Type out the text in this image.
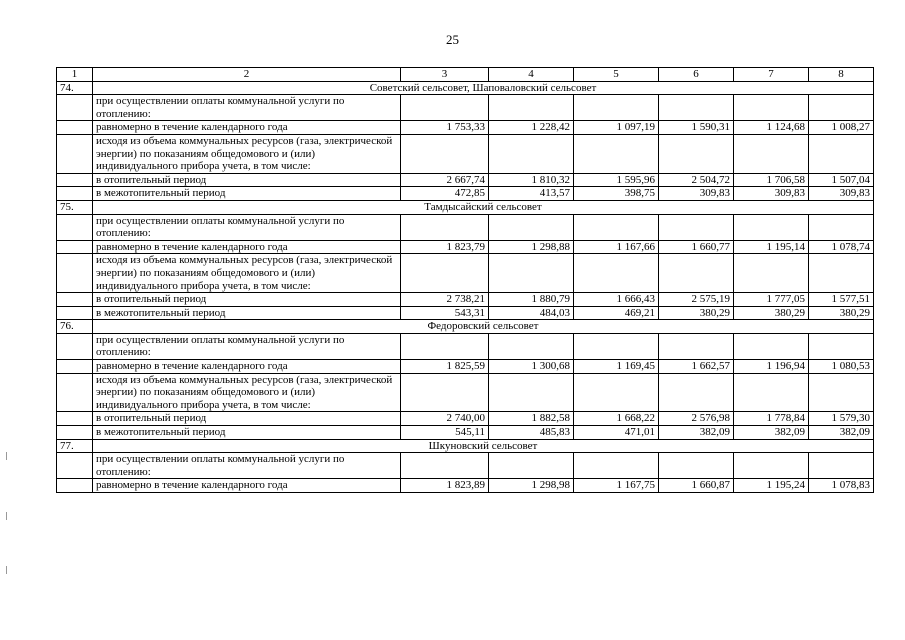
25
1	2	3	4	5	6	7	8
74.	Советский сельсовет, Шаповаловский сельсовет						
	при осуществлении оплаты коммунальной услуги по отоплению:						
	равномерно в течение календарного года	1 753,33	1 228,42	1 097,19	1 590,31	1 124,68	1 008,27
	исходя из объема коммунальных ресурсов (газа, электрической энергии) по показаниям общедомового и (или) индивидуального прибора учета, в том числе:						
	в отопительный период	2 667,74	1 810,32	1 595,96	2 504,72	1 706,58	1 507,04
	в межотопительный период	472,85	413,57	398,75	309,83	309,83	309,83
75.	Тамдысайский сельсовет						
	при осуществлении оплаты коммунальной услуги по отоплению:						
	равномерно в течение календарного года	1 823,79	1 298,88	1 167,66	1 660,77	1 195,14	1 078,74
	исходя из объема коммунальных ресурсов (газа, электрической энергии) по показаниям общедомового и (или) индивидуального прибора учета, в том числе:						
	в отопительный период	2 738,21	1 880,79	1 666,43	2 575,19	1 777,05	1 577,51
	в межотопительный период	543,31	484,03	469,21	380,29	380,29	380,29
76.	Федоровский сельсовет						
	при осуществлении оплаты коммунальной услуги по отоплению:						
	равномерно в течение календарного года	1 825,59	1 300,68	1 169,45	1 662,57	1 196,94	1 080,53
	исходя из объема коммунальных ресурсов (газа, электрической энергии) по показаниям общедомового и (или) индивидуального прибора учета, в том числе:						
	в отопительный период	2 740,00	1 882,58	1 668,22	2 576,98	1 778,84	1 579,30
	в межотопительный период	545,11	485,83	471,01	382,09	382,09	382,09
77.	Шкуновский сельсовет						
	при осуществлении оплаты коммунальной услуги по отоплению:						
	равномерно в течение календарного года	1 823,89	1 298,98	1 167,75	1 660,87	1 195,24	1 078,83
